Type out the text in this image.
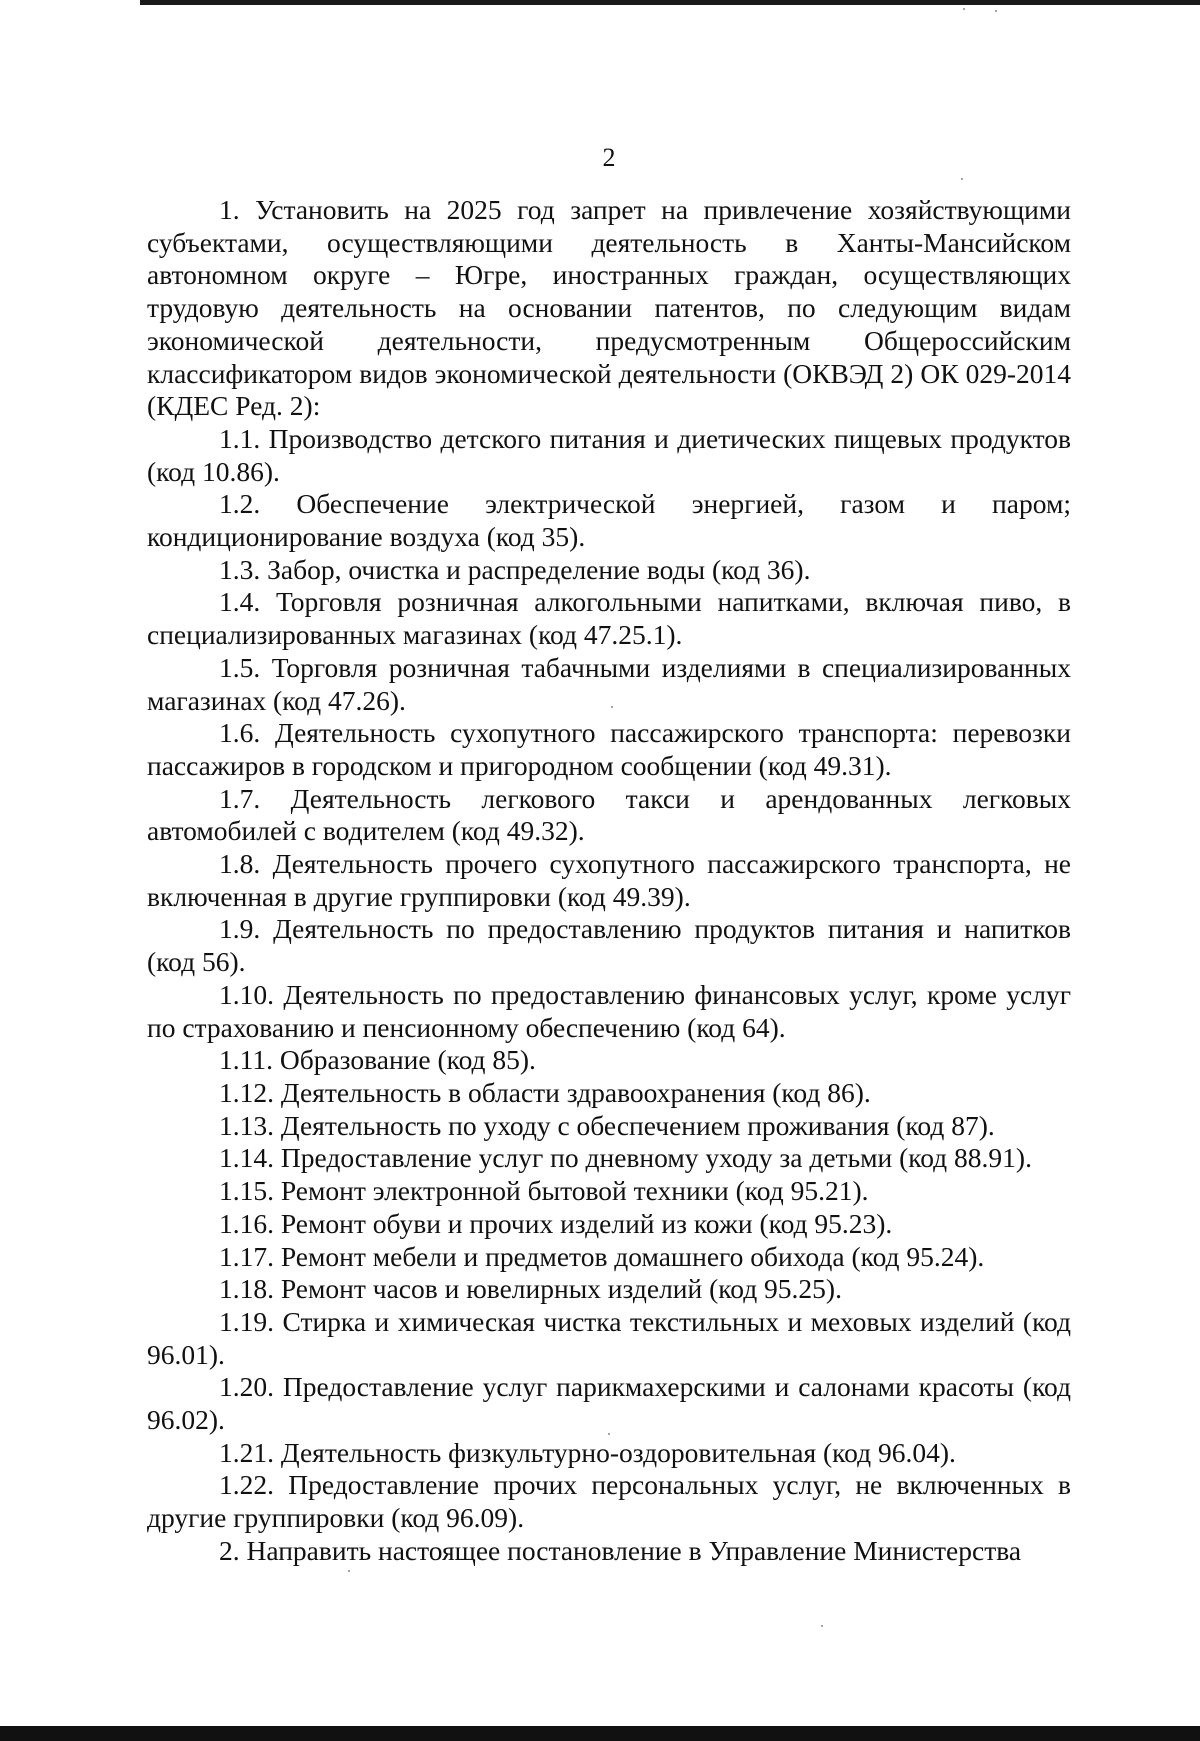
2

1. Установить на 2025 год запрет на привлечение хозяйствующими субъектами, осуществляющими деятельность в Ханты-Мансийском автономном округе – Югре, иностранных граждан, осуществляющих трудовую деятельность на основании патентов, по следующим видам экономической деятельности, предусмотренным Общероссийским классификатором видов экономической деятельности (ОКВЭД 2) ОК 029-2014 (КДЕС Ред. 2):

1.1. Производство детского питания и диетических пищевых продуктов (код 10.86).

1.2. Обеспечение электрической энергией, газом и паром; кондиционирование воздуха (код 35).

1.3. Забор, очистка и распределение воды (код 36).

1.4. Торговля розничная алкогольными напитками, включая пиво, в специализированных магазинах (код 47.25.1).

1.5. Торговля розничная табачными изделиями в специализированных магазинах (код 47.26).

1.6. Деятельность сухопутного пассажирского транспорта: перевозки пассажиров в городском и пригородном сообщении (код 49.31).

1.7. Деятельность легкового такси и арендованных легковых автомобилей с водителем (код 49.32).

1.8. Деятельность прочего сухопутного пассажирского транспорта, не включенная в другие группировки (код 49.39).

1.9. Деятельность по предоставлению продуктов питания и напитков (код 56).

1.10. Деятельность по предоставлению финансовых услуг, кроме услуг по страхованию и пенсионному обеспечению (код 64).

1.11. Образование (код 85).

1.12. Деятельность в области здравоохранения (код 86).

1.13. Деятельность по уходу с обеспечением проживания (код 87).

1.14. Предоставление услуг по дневному уходу за детьми (код 88.91).

1.15. Ремонт электронной бытовой техники (код 95.21).

1.16. Ремонт обуви и прочих изделий из кожи (код 95.23).

1.17. Ремонт мебели и предметов домашнего обихода (код 95.24).

1.18. Ремонт часов и ювелирных изделий (код 95.25).

1.19. Стирка и химическая чистка текстильных и меховых изделий (код 96.01).

1.20. Предоставление услуг парикмахерскими и салонами красоты (код 96.02).

1.21. Деятельность физкультурно-оздоровительная (код 96.04).

1.22. Предоставление прочих персональных услуг, не включенных в другие группировки (код 96.09).

2. Направить настоящее постановление в Управление Министерства
